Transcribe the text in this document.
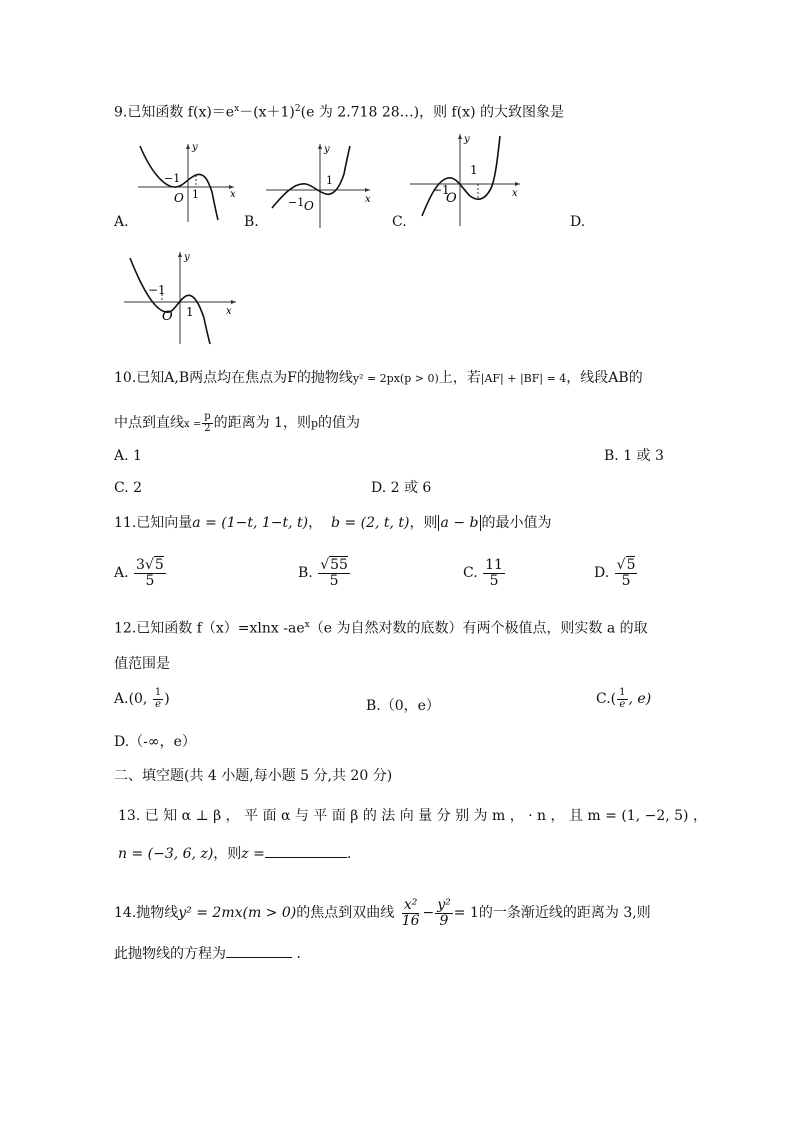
9.已知函数 $f(x)=e^x-(x+1)^2(e$ 为 2.718 28…)，则 f(x) 的大致图象是
y
x
−1
1
O
A.
y
x
−1
1
O
B.
y
x
−1
1
O
C.	D.
y
x
−1
1
O
10.已知A,B两点均在焦点为F的抛物线y² = 2px(p > 0)上，若|AF| + |BF| = 4，线段AB的
中点到直线$x = \frac{p}{2}$ 的距离为 1，则p的值为
A. 1	B. 1 或 3
C. 2	D. 2 或 6
11.已知向量a = (1−t, 1−t, t)， b = (2, t, t)，则 a − b 的最小值为
A. $\frac{3√5}{5}$	B. $\frac{√55}{5}$	C. $\frac{11}{5}$	D. $\frac{√5}{5}$
12.已知函数 f（x）=xlnx $-ae^x(e$ 为自然对数的底数）有两个极值点，则实数 a 的取
值范围是
A.(0, $\frac{1}{e}$ )	B.（0，e）	$C.( \frac{1}{e}$ , e)
D.（-∞，e）
二、填空题(共 4 小题,每小题 5 分,共 20 分)
13. 已 知 α ⊥ β ， 平 面 α 与 平 面 β 的 法 向 量 分 别 为 m ， · n ， 且 m = (1, −2, 5) ，
n = (−3, 6, z)，则z =	.
14.抛物线y² = 2mx(m > 0)的焦点到双曲线 $\frac{\text{x²}}{16} - \frac{\text{y²}}{9} = 1$的一条渐近线的距离为 3,则
此抛物线的方程为	.
